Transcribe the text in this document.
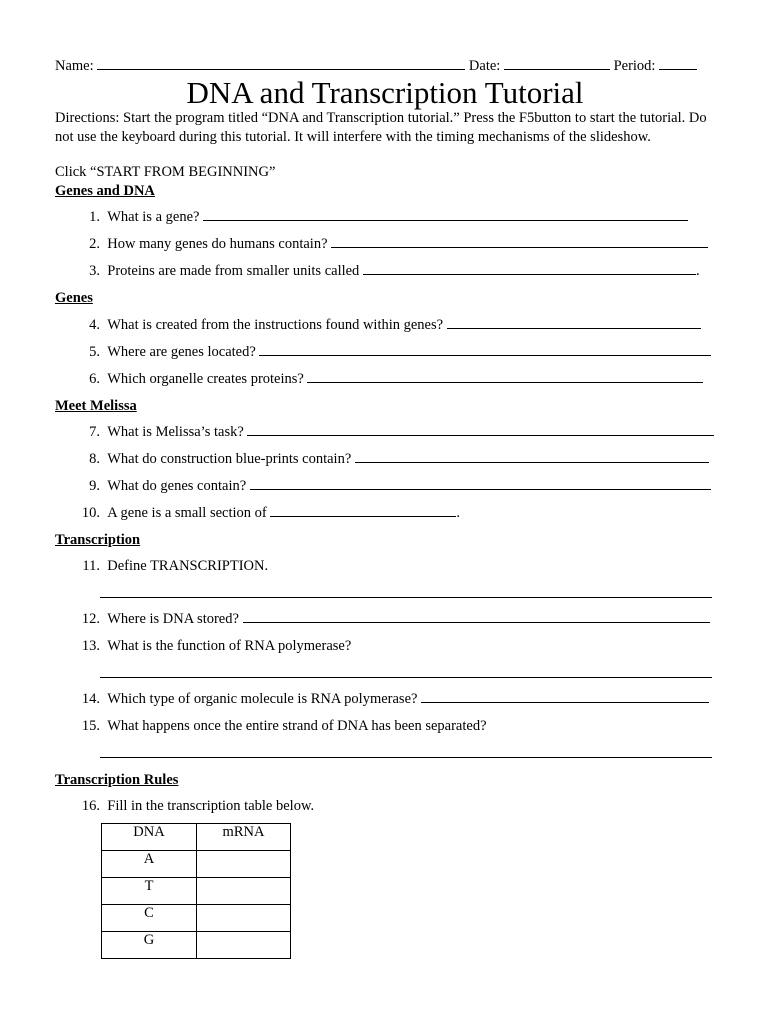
Name:	Date:	Period:
DNA and Transcription Tutorial
Directions: Start the program titled “DNA and Transcription tutorial.” Press the F5button to start the tutorial. Do not use the keyboard during this tutorial. It will interfere with the timing mechanisms of the slideshow.
Click “START FROM BEGINNING”
Genes and DNA
1. What is a gene?
2. How many genes do humans contain?
3. Proteins are made from smaller units called	.
Genes
4. What is created from the instructions found within genes?
5. Where are genes located?
6. Which organelle creates proteins?
Meet Melissa
7. What is Melissa’s task?
8. What do construction blue-prints contain?
9. What do genes contain?
10. A gene is a small section of	.
Transcription
11. Define TRANSCRIPTION.
12. Where is DNA stored?
13. What is the function of RNA polymerase?
14. Which type of organic molecule is RNA polymerase?
15. What happens once the entire strand of DNA has been separated?
Transcription Rules
16. Fill in the transcription table below.
DNA	mRNA
A	
T	
C	
G	
